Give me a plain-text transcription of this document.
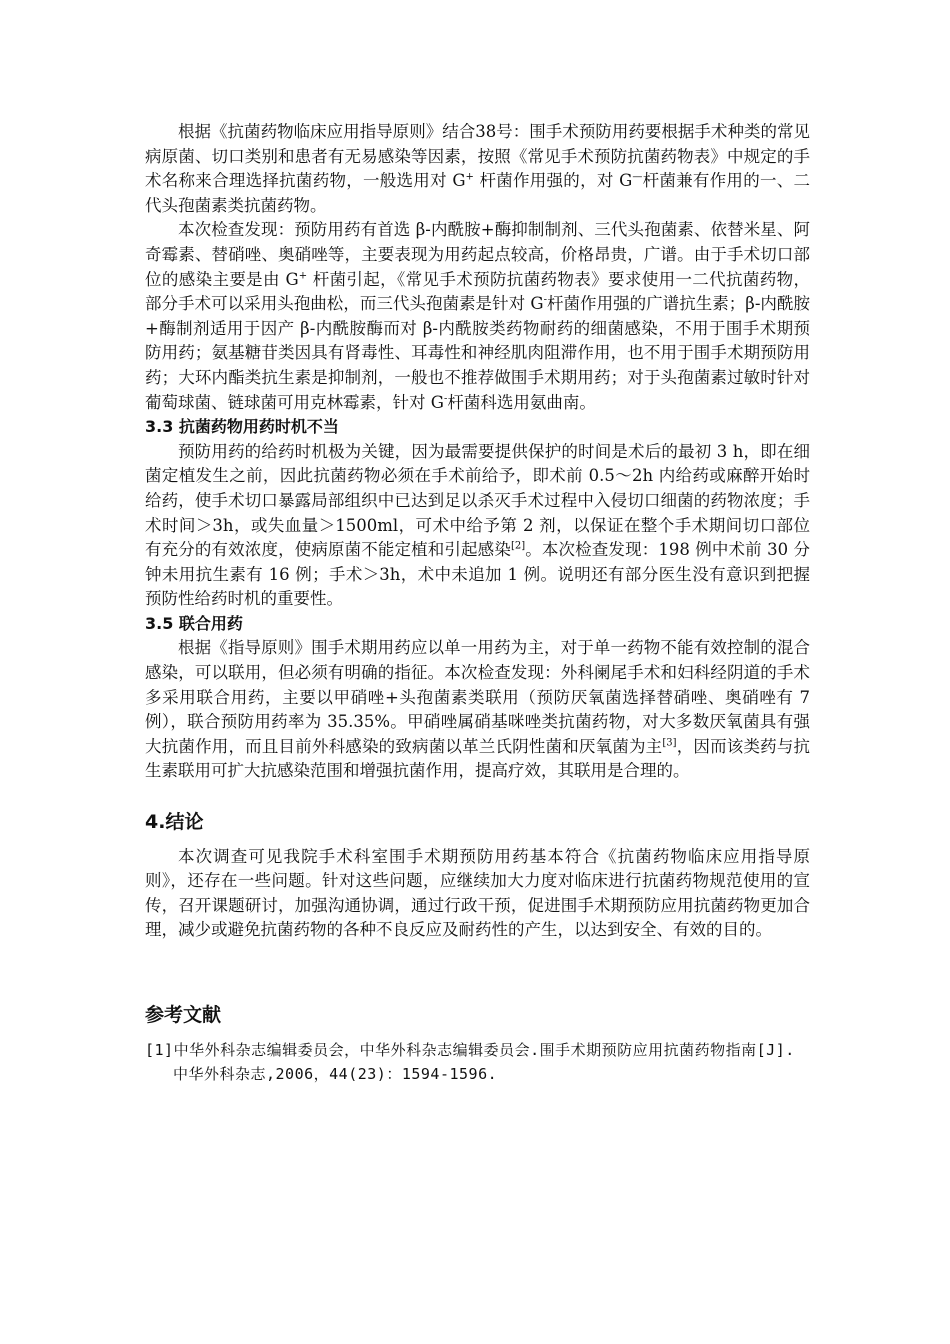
根据《抗菌药物临床应用指导原则》结合38号：围手术预防用药要根据手术种类的常见病原菌、切口类别和患者有无易感染等因素，按照《常见手术预防抗菌药物表》中规定的手术名称来合理选择抗菌药物，一般选用对 G+ 杆菌作用强的，对 G—杆菌兼有作用的一、二代头孢菌素类抗菌药物。

本次检查发现：预防用药有首选 β-内酰胺+酶抑制制剂、三代头孢菌素、依替米星、阿奇霉素、替硝唑、奥硝唑等，主要表现为用药起点较高，价格昂贵，广谱。由于手术切口部位的感染主要是由 G+ 杆菌引起，《常见手术预防抗菌药物表》要求使用一二代抗菌药物，部分手术可以采用头孢曲松，而三代头孢菌素是针对 G-杆菌作用强的广谱抗生素；β-内酰胺+酶制剂适用于因产 β-内酰胺酶而对 β-内酰胺类药物耐药的细菌感染，不用于围手术期预防用药；氨基糖苷类因具有肾毒性、耳毒性和神经肌肉阻滞作用，也不用于围手术期预防用药；大环内酯类抗生素是抑制剂，一般也不推荐做围手术期用药；对于头孢菌素过敏时针对葡萄球菌、链球菌可用克林霉素，针对 G-杆菌科选用氨曲南。

3.3 抗菌药物用药时机不当

预防用药的给药时机极为关键，因为最需要提供保护的时间是术后的最初 3 h，即在细菌定植发生之前，因此抗菌药物必须在手术前给予，即术前 0.5～2h 内给药或麻醉开始时给药，使手术切口暴露局部组织中已达到足以杀灭手术过程中入侵切口细菌的药物浓度；手术时间＞3h，或失血量＞1500ml，可术中给予第 2 剂，以保证在整个手术期间切口部位有充分的有效浓度，使病原菌不能定植和引起感染[2]。本次检查发现：198 例中术前 30 分钟未用抗生素有 16 例；手术＞3h，术中未追加 1 例。说明还有部分医生没有意识到把握预防性给药时机的重要性。

3.5 联合用药

根据《指导原则》围手术期用药应以单一用药为主，对于单一药物不能有效控制的混合感染，可以联用，但必须有明确的指征。本次检查发现：外科阑尾手术和妇科经阴道的手术多采用联合用药，主要以甲硝唑+头孢菌素类联用（预防厌氧菌选择替硝唑、奥硝唑有 7 例），联合预防用药率为 35.35%。甲硝唑属硝基咪唑类抗菌药物，对大多数厌氧菌具有强大抗菌作用，而且目前外科感染的致病菌以革兰氏阴性菌和厌氧菌为主[3]，因而该类药与抗生素联用可扩大抗感染范围和增强抗菌作用，提高疗效，其联用是合理的。

4.结论

本次调查可见我院手术科室围手术期预防用药基本符合《抗菌药物临床应用指导原则》，还存在一些问题。针对这些问题，应继续加大力度对临床进行抗菌药物规范使用的宣传，召开课题研讨，加强沟通协调，通过行政干预，促进围手术期预防应用抗菌药物更加合理，减少或避免抗菌药物的各种不良反应及耐药性的产生，以达到安全、有效的目的。

参考文献
[1]中华外科杂志编辑委员会，中华外科杂志编辑委员会.围手术期预防应用抗菌药物指南[J].中华外科杂志,2006，44(23)：1594-1596.
